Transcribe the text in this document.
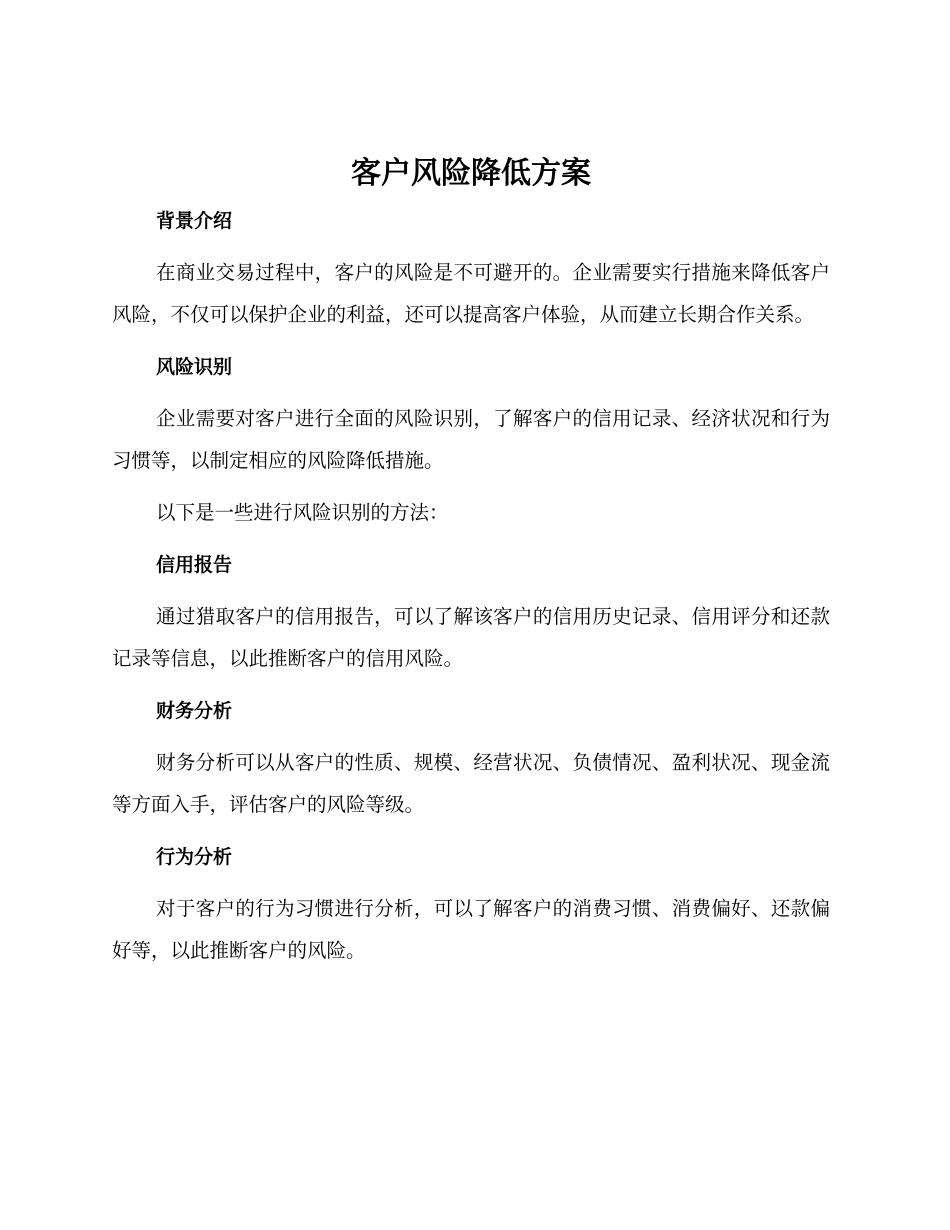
客户风险降低方案
背景介绍

在商业交易过程中，客户的风险是不可避开的。企业需要实行措施来降低客户风险，不仅可以保护企业的利益，还可以提高客户体验，从而建立长期合作关系。

风险识别

企业需要对客户进行全面的风险识别，了解客户的信用记录、经济状况和行为习惯等，以制定相应的风险降低措施。

以下是一些进行风险识别的方法：

信用报告

通过猎取客户的信用报告，可以了解该客户的信用历史记录、信用评分和还款记录等信息，以此推断客户的信用风险。

财务分析

财务分析可以从客户的性质、规模、经营状况、负债情况、盈利状况、现金流等方面入手，评估客户的风险等级。

行为分析

对于客户的行为习惯进行分析，可以了解客户的消费习惯、消费偏好、还款偏好等，以此推断客户的风险。
